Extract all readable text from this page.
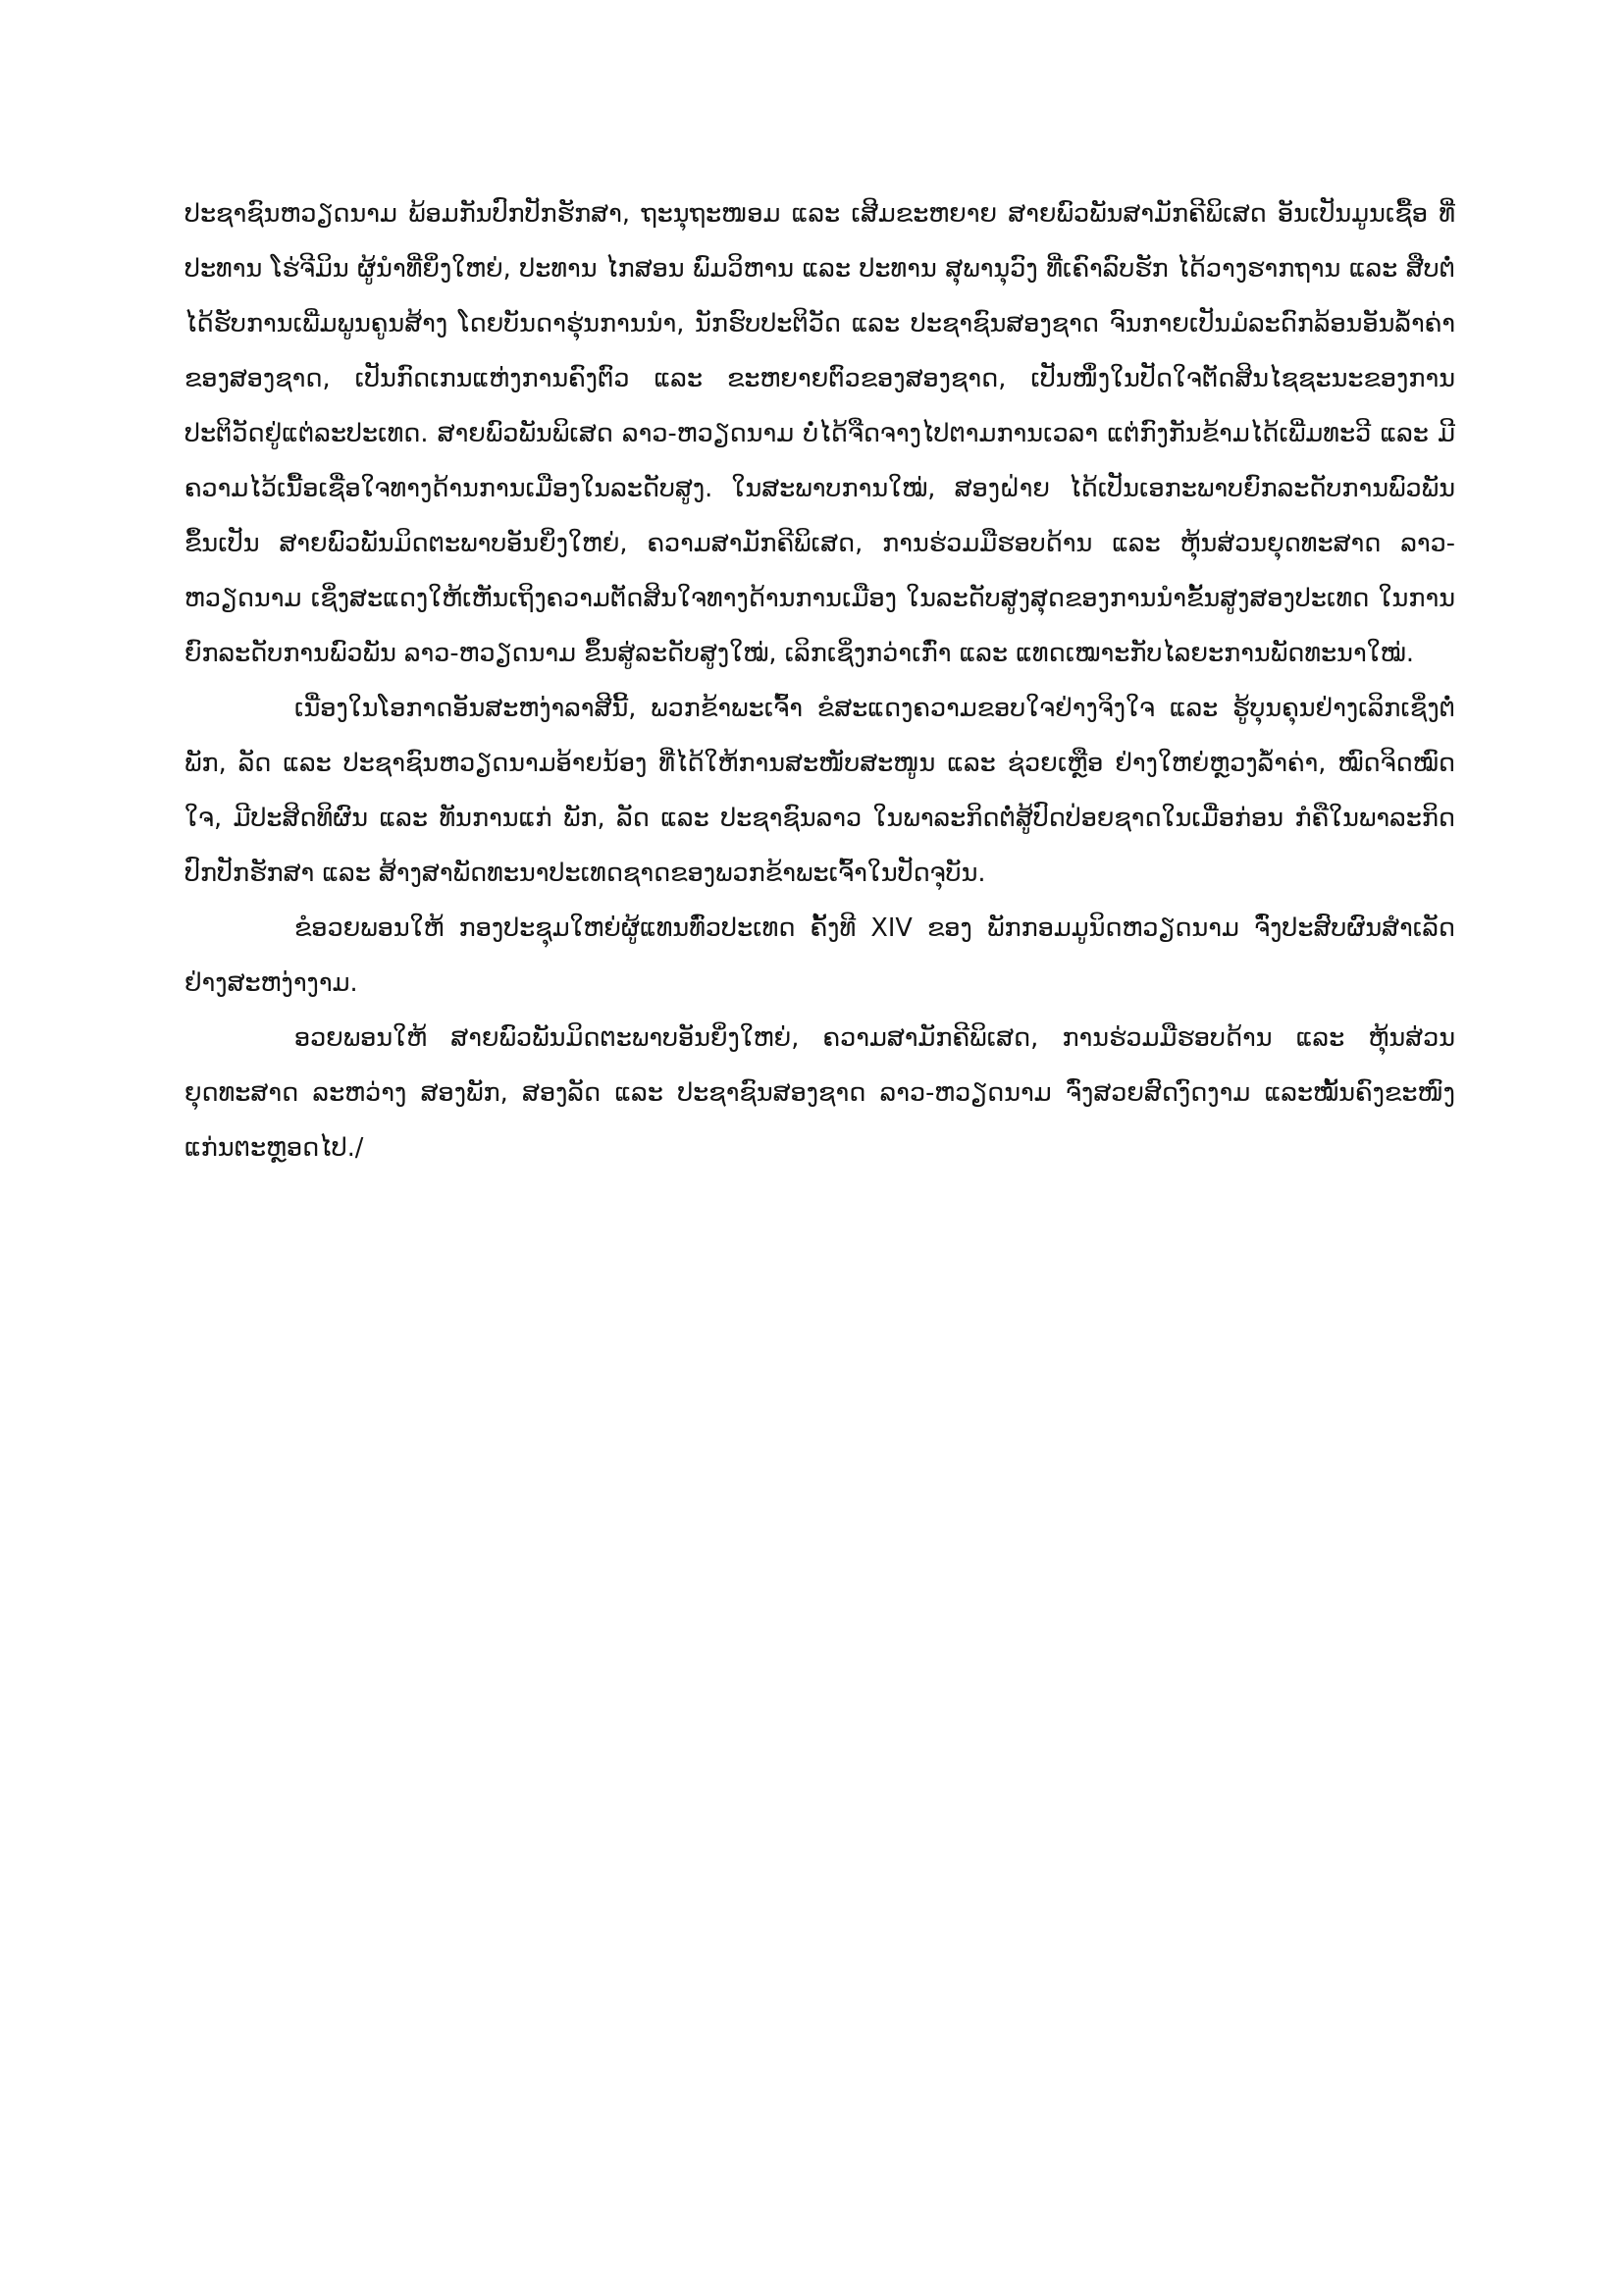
ປະຊາຊົນຫວຽດນາມ ພ້ອມກັນປົກປັກຮັກສາ, ຖະນຸຖະໜອມ ແລະ ເສີມຂະຫຍາຍ ສາຍພົວພັນສາມັກຄີພິເສດ ອັນເປັນມູນເຊື້ອ ທີ່ປະທານ ໂຮ່ຈີມິນ ຜູ້ນໍາທີ່ຍິ່ງໃຫຍ່, ປະທານ ໄກສອນ ພົມວິຫານ ແລະ ປະທານ ສຸພານຸວົງ ທີ່ເຄົາລົບຮັກ ໄດ້ວາງຮາກຖານ ແລະ ສືບຕໍ່ໄດ້ຮັບການເພີ່ມພູນຄູນສ້າງ ໂດຍບັນດາຮຸ່ນການນໍາ, ນັກຮົບປະຕິວັດ ແລະ ປະຊາຊົນສອງຊາດ ຈົນກາຍເປັນມໍລະດົກລ້ອນອັນລໍ້າຄ່າຂອງສອງຊາດ, ເປັນກົດເກນແຫ່ງການຄົງຕົວ ແລະ ຂະຫຍາຍຕົວຂອງສອງຊາດ, ເປັນໜຶ່ງໃນປັດໃຈຕັດສິນໄຊຊະນະຂອງການປະຕິວັດຢູ່ແຕ່ລະປະເທດ. ສາຍພົວພັນພິເສດ ລາວ-ຫວຽດນາມ ບໍ່ໄດ້ຈືດຈາງໄປຕາມການເວລາ ແຕ່ກົງກັນຂ້າມໄດ້ເພີ່ມທະວີ ແລະ ມີຄວາມໄວ້ເນື້ອເຊື່ອໃຈທາງດ້ານການເມືອງໃນລະດັບສູງ. ໃນສະພາບການໃໝ່, ສອງຝ່າຍ ໄດ້ເປັນເອກະພາບຍົກລະດັບການພົວພັນຂຶ້ນເປັນ ສາຍພົວພັນມິດຕະພາບອັນຍິ່ງໃຫຍ່, ຄວາມສາມັກຄີພິເສດ, ການຮ່ວມມືຮອບດ້ານ ແລະ ຫຸ້ນສ່ວນຍຸດທະສາດ ລາວ-ຫວຽດນາມ ເຊິ່ງສະແດງໃຫ້ເຫັນເຖິງຄວາມຕັດສິນໃຈທາງດ້ານການເມືອງ ໃນລະດັບສູງສຸດຂອງການນໍາຂັ້ນສູງສອງປະເທດ ໃນການຍົກລະດັບການພົວພັນ ລາວ-ຫວຽດນາມ ຂຶ້ນສູ່ລະດັບສູງໃໝ່, ເລິກເຊິ່ງກວ່າເກົ່າ ແລະ ແທດເໝາະກັບໄລຍະການພັດທະນາໃໝ່.

ເນື່ອງໃນໂອກາດອັນສະຫງ່າລາສີນີ້, ພວກຂ້າພະເຈົ້າ ຂໍສະແດງຄວາມຂອບໃຈຢ່າງຈິງໃຈ ແລະ ຮູ້ບຸນຄຸນຢ່າງເລິກເຊິ່ງຕໍ່ພັກ, ລັດ ແລະ ປະຊາຊົນຫວຽດນາມອ້າຍນ້ອງ ທີ່ໄດ້ໃຫ້ການສະໜັບສະໜູນ ແລະ ຊ່ວຍເຫຼືອ ຢ່າງໃຫຍ່ຫຼວງລໍ້າຄ່າ, ໝົດຈິດໝົດໃຈ, ມີປະສິດທິຜົນ ແລະ ທັນການແກ່ ພັກ, ລັດ ແລະ ປະຊາຊົນລາວ ໃນພາລະກິດຕໍ່ສູ້ປົດປ່ອຍຊາດໃນເມື່ອກ່ອນ ກໍຄືໃນພາລະກິດປົກປັກຮັກສາ ແລະ ສ້າງສາພັດທະນາປະເທດຊາດຂອງພວກຂ້າພະເຈົ້າໃນປັດຈຸບັນ.

ຂໍອວຍພອນໃຫ້ ກອງປະຊຸມໃຫຍ່ຜູ້ແທນທົ່ວປະເທດ ຄັ້ງທີ XIV ຂອງ ພັກກອມມູນິດຫວຽດນາມ ຈົ່ງປະສົບຜົນສໍາເລັດຢ່າງສະຫງ່າງາມ.

ອວຍພອນໃຫ້ ສາຍພົວພັນມິດຕະພາບອັນຍິ່ງໃຫຍ່, ຄວາມສາມັກຄີພິເສດ, ການຮ່ວມມືຮອບດ້ານ ແລະ ຫຸ້ນສ່ວນຍຸດທະສາດ ລະຫວ່າງ ສອງພັກ, ສອງລັດ ແລະ ປະຊາຊົນສອງຊາດ ລາວ-ຫວຽດນາມ ຈົ່ງສວຍສົດງົດງາມ ແລະໝັ້ນຄົງຂະໜົງແກ່ນຕະຫຼອດໄປ./
